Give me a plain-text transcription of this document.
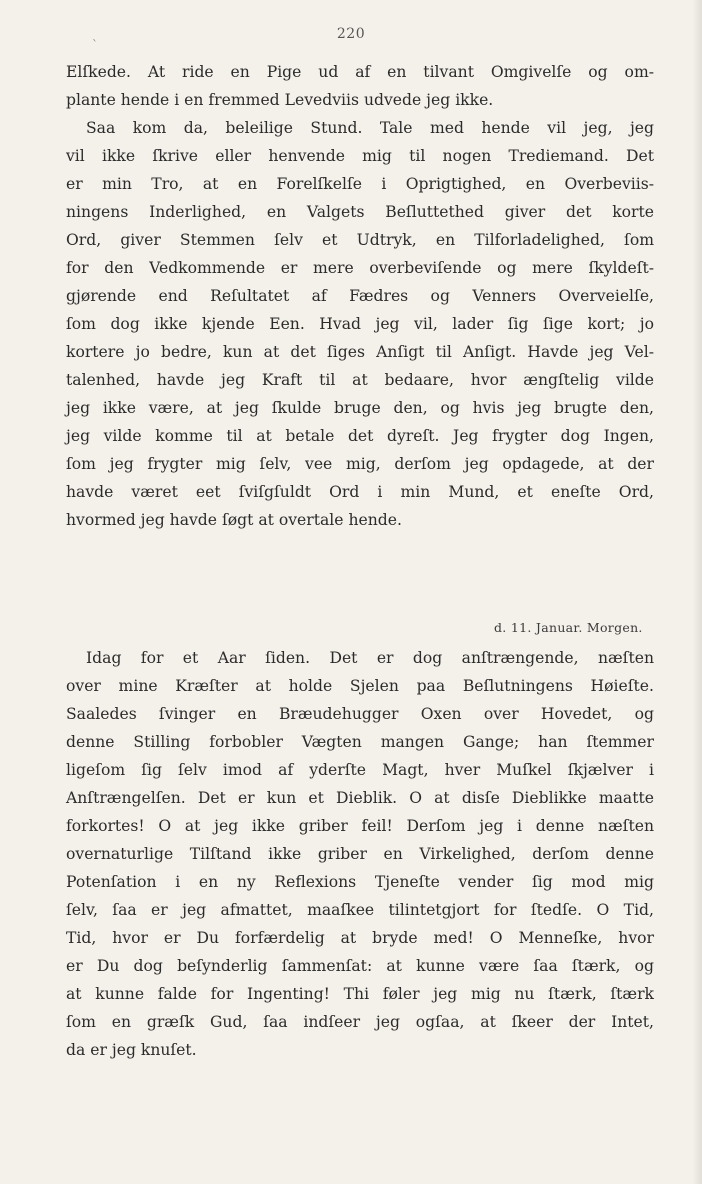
`
220
Elſkede. At ride en Pige ud af en tilvant Omgivelſe og om-
plante hende i en fremmed Levedviis udvede jeg ikke.
Saa kom da, beleilige Stund. Tale med hende vil jeg, jeg
vil ikke ſkrive eller henvende mig til nogen Trediemand. Det
er min Tro, at en Forelſkelſe i Oprigtighed, en Overbeviis-
ningens Inderlighed, en Valgets Beſluttethed giver det korte
Ord, giver Stemmen ſelv et Udtryk, en Tilforladelighed, ſom
for den Vedkommende er mere overbeviſende og mere ſkyldeſt-
gjørende end Reſultatet af Fædres og Venners Overveielſe,
ſom dog ikke kjende Een. Hvad jeg vil, lader ſig ſige kort; jo
kortere jo bedre, kun at det ſiges Anſigt til Anſigt. Havde jeg Vel-
talenhed, havde jeg Kraft til at bedaare, hvor ængſtelig vilde
jeg ikke være, at jeg ſkulde bruge den, og hvis jeg brugte den,
jeg vilde komme til at betale det dyreſt. Jeg frygter dog Ingen,
ſom jeg frygter mig ſelv, vee mig, derſom jeg opdagede, at der
havde været eet ſviſgſuldt Ord i min Mund, et eneſte Ord,
hvormed jeg havde ſøgt at overtale hende.
d. 11. Januar. Morgen.
Idag for et Aar ſiden. Det er dog anſtrængende, næſten
over mine Kræſter at holde Sjelen paa Beſlutningens Høieſte.
Saaledes ſvinger en Bræudehugger Oxen over Hovedet, og
denne Stilling forbobler Vægten mangen Gange; han ſtemmer
ligeſom ſig ſelv imod af yderſte Magt, hver Muſkel ſkjælver i
Anſtrængelſen. Det er kun et Dieblik. O at disſe Dieblikke maatte
forkortes! O at jeg ikke griber feil! Derſom jeg i denne næſten
overnaturlige Tilſtand ikke griber en Virkelighed, derſom denne
Potenſation i en ny Reflexions Tjeneſte vender ſig mod mig
ſelv, ſaa er jeg afmattet, maaſkee tilintetgjort for ſtedſe. O Tid,
Tid, hvor er Du forfærdelig at bryde med! O Menneſke, hvor
er Du dog beſynderlig ſammenſat: at kunne være ſaa ſtærk, og
at kunne falde for Ingenting! Thi føler jeg mig nu ſtærk, ſtærk
ſom en græſk Gud, ſaa indſeer jeg ogſaa, at ſkeer der Intet,
da er jeg knuſet.
